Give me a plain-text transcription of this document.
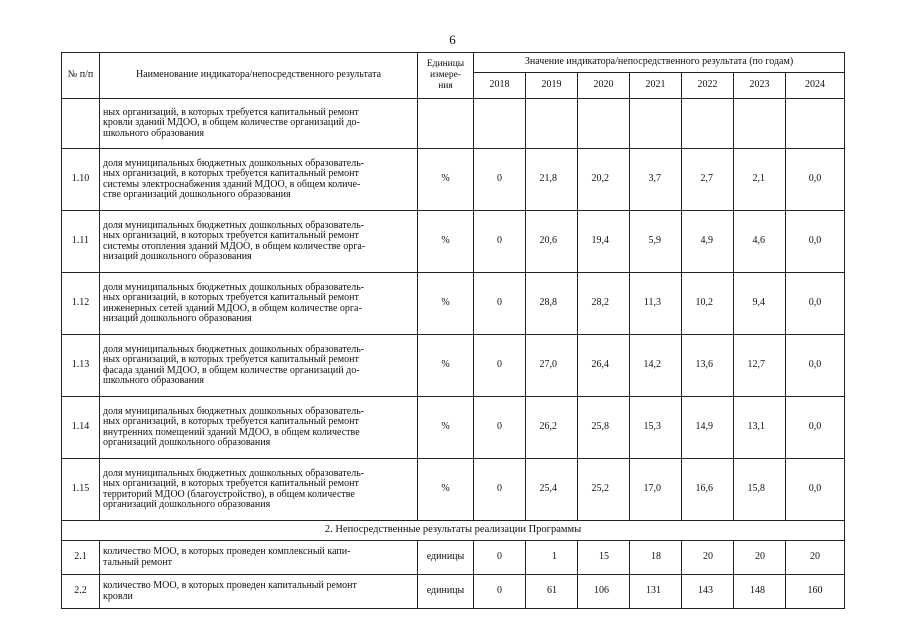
6
№ п/п	Наименование индикатора/непосредственного результата	Единицы
измере-
ния	Значение индикатора/непосредственного результата (по годам)						
			2018	2019	2020	2021	2022	2023	2024

	ных организаций, в которых требуется капитальный ремонт
кровли зданий МДОО, в общем количестве организаций до-
школьного образования								

1.10	доля муниципальных бюджетных дошкольных образователь-
ных организаций, в которых требуется капитальный ремонт
системы электроснабжения зданий МДОО, в общем количе-
стве организаций дошкольного образования	%	0	21,8	20,2	3,7	2,7	2,1	0,0
1.11	доля муниципальных бюджетных дошкольных образователь-
ных организаций, в которых требуется капитальный ремонт
системы отопления зданий МДОО, в общем количестве орга-
низаций дошкольного образования	%	0	20,6	19,4	5,9	4,9	4,6	0,0
1.12	доля муниципальных бюджетных дошкольных образователь-
ных организаций, в которых требуется капитальный ремонт
инженерных сетей зданий МДОО, в общем количестве орга-
низаций дошкольного образования	%	0	28,8	28,2	11,3	10,2	9,4	0,0
1.13	доля муниципальных бюджетных дошкольных образователь-
ных организаций, в которых требуется капитальный ремонт
фасада зданий МДОО, в общем количестве организаций до-
школьного образования	%	0	27,0	26,4	14,2	13,6	12,7	0,0
1.14	доля муниципальных бюджетных дошкольных образователь-
ных организаций, в которых требуется капитальный ремонт
внутренних помещений зданий МДОО, в общем количестве
организаций дошкольного образования	%	0	26,2	25,8	15,3	14,9	13,1	0,0
1.15	доля муниципальных бюджетных дошкольных образователь-
ных организаций, в которых требуется капитальный ремонт
территорий МДОО (благоустройство), в общем количестве
организаций дошкольного образования	%	0	25,4	25,2	17,0	16,6	15,8	0,0
2. Непосредственные результаты реализации Программы									
2.1	количество МОО, в которых проведен комплексный капи-
тальный ремонт	единицы	0	1	15	18	20	20	20
2.2	количество МОО, в которых проведен капитальный ремонт
кровли	единицы	0	61	106	131	143	148	160
